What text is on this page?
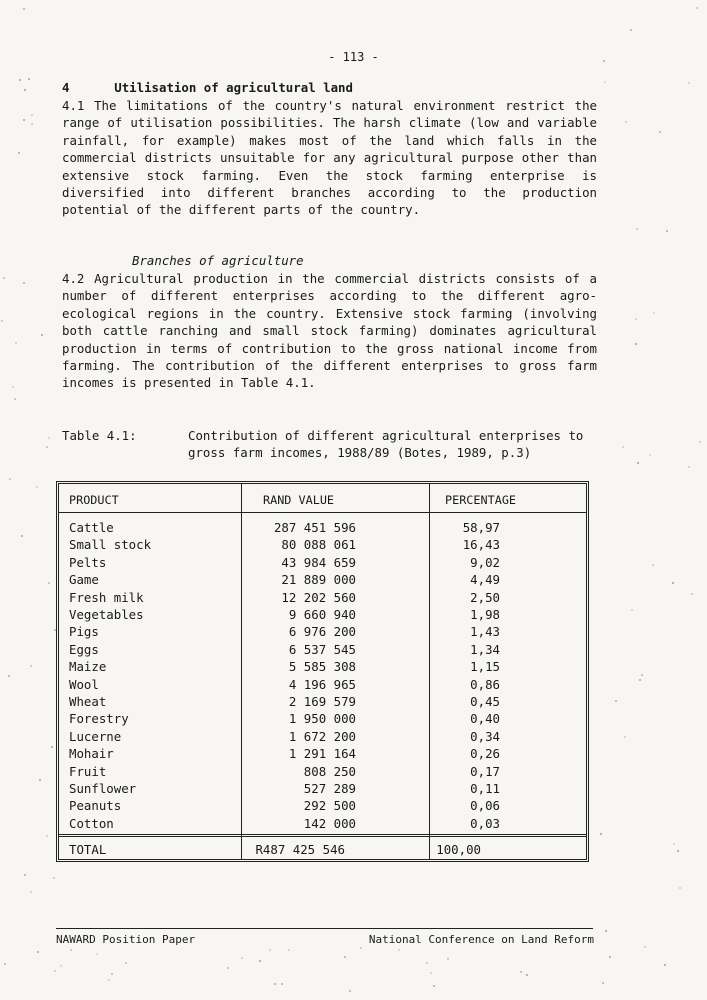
- 113 -
4	Utilisation of agricultural land

4.1 The limitations of the country's natural environment restrict the range of utilisation possibilities. The harsh climate (low and variable rainfall, for example) makes most of the land which falls in the commercial districts unsuitable for any agricultural purpose other than extensive stock farming. Even the stock farming enterprise is diversified into different branches according to the production potential of the different parts of the country.

Branches of agriculture

4.2 Agricultural production in the commercial districts consists of a number of different enterprises according to the different agro-ecological regions in the country. Extensive stock farming (involving both cattle ranching and small stock farming) dominates agricultural production in terms of contribution to the gross national income from farming. The contribution of the different enterprises to gross farm incomes is presented in Table 4.1.

Table 4.1:	Contribution of different agricultural enterprises to gross farm incomes, 1988/89 (Botes, 1989, p.3)
PRODUCT	RAND VALUE	PERCENTAGE
Cattle	287 451 596	58,97
Small stock	80 088 061	16,43
Pelts	43 984 659	9,02
Game	21 889 000	4,49
Fresh milk	12 202 560	2,50
Vegetables	9 660 940	1,98
Pigs	6 976 200	1,43
Eggs	6 537 545	1,34
Maize	5 585 308	1,15
Wool	4 196 965	0,86
Wheat	2 169 579	0,45
Forestry	1 950 000	0,40
Lucerne	1 672 200	0,34
Mohair	1 291 164	0,26
Fruit	808 250	0,17
Sunflower	527 289	0,11
Peanuts	292 500	0,06
Cotton	142 000	0,03
TOTAL	R487 425 546	100,00
NAWARD Position Paper	National Conference on Land Reform
